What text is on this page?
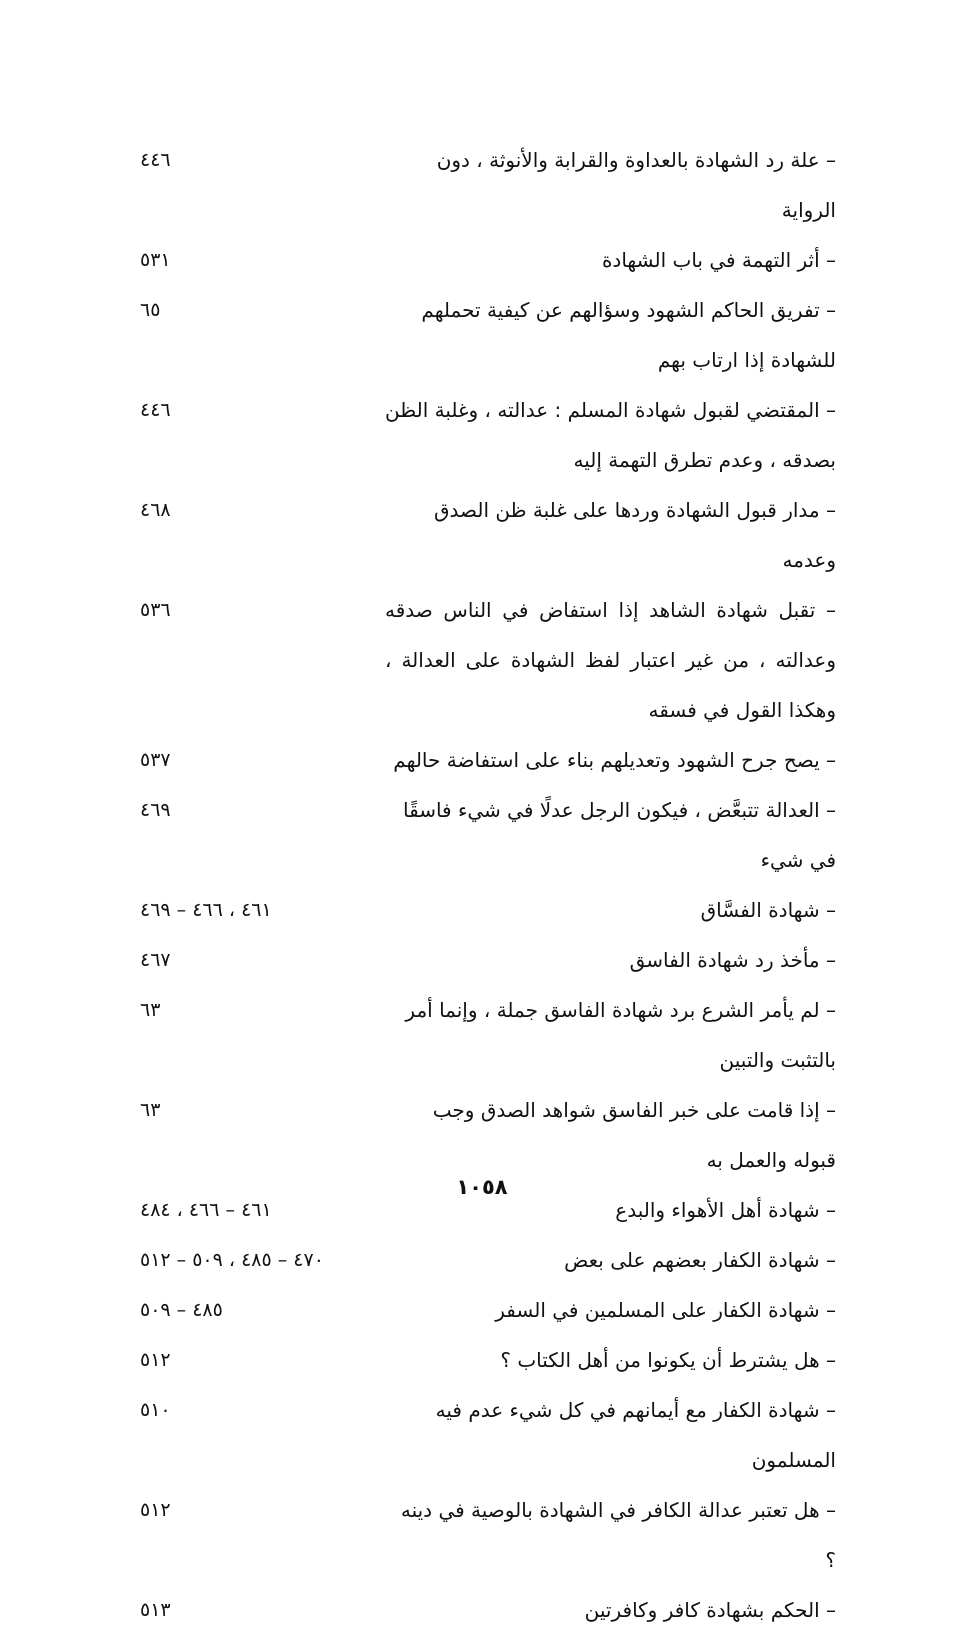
– علة رد الشهادة بالعداوة والقرابة والأنوثة ، دون الرواية
٤٤٦
– أثر التهمة في باب الشهادة
٥٣١
– تفريق الحاكم الشهود وسؤالهم عن كيفية تحملهم للشهادة إذا ارتاب بهم
٦٥
– المقتضي لقبول شهادة المسلم : عدالته ، وغلبة الظن بصدقه ، وعدم تطرق التهمة إليه
٤٤٦
– مدار قبول الشهادة وردها على غلبة ظن الصدق وعدمه
٤٦٨
– تقبل شهادة الشاهد إذا استفاض في الناس صدقه وعدالته ، من غير اعتبار لفظ الشهادة على العدالة ، وهكذا القول في فسقه
٥٣٦
– يصح جرح الشهود وتعديلهم بناء على استفاضة حالهم
٥٣٧
– العدالة تتبعَّض ، فيكون الرجل عدلًا في شيء فاسقًا في شيء
٤٦٩
– شهادة الفسَّاق
٤٦١ ، ٤٦٦ – ٤٦٩
– مأخذ رد شهادة الفاسق
٤٦٧
– لم يأمر الشرع برد شهادة الفاسق جملة ، وإنما أمر بالتثبت والتبين
٦٣
– إذا قامت على خبر الفاسق شواهد الصدق وجب قبوله والعمل به
٦٣
– شهادة أهل الأهواء والبدع
٤٦١ – ٤٦٦ ، ٤٨٤
– شهادة الكفار بعضهم على بعض
٤٧٠ – ٤٨٥ ، ٥٠٩ – ٥١٢
– شهادة الكفار على المسلمين في السفر
٤٨٥ – ٥٠٩
– هل يشترط أن يكونوا من أهل الكتاب ؟
٥١٢
– شهادة الكفار مع أيمانهم في كل شيء عدم فيه المسلمون
٥١٠
– هل تعتبر عدالة الكافر في الشهادة بالوصية في دينه ؟
٥١٢
– الحكم بشهادة كافر وكافرتين
٥١٣
١٠٥٨
